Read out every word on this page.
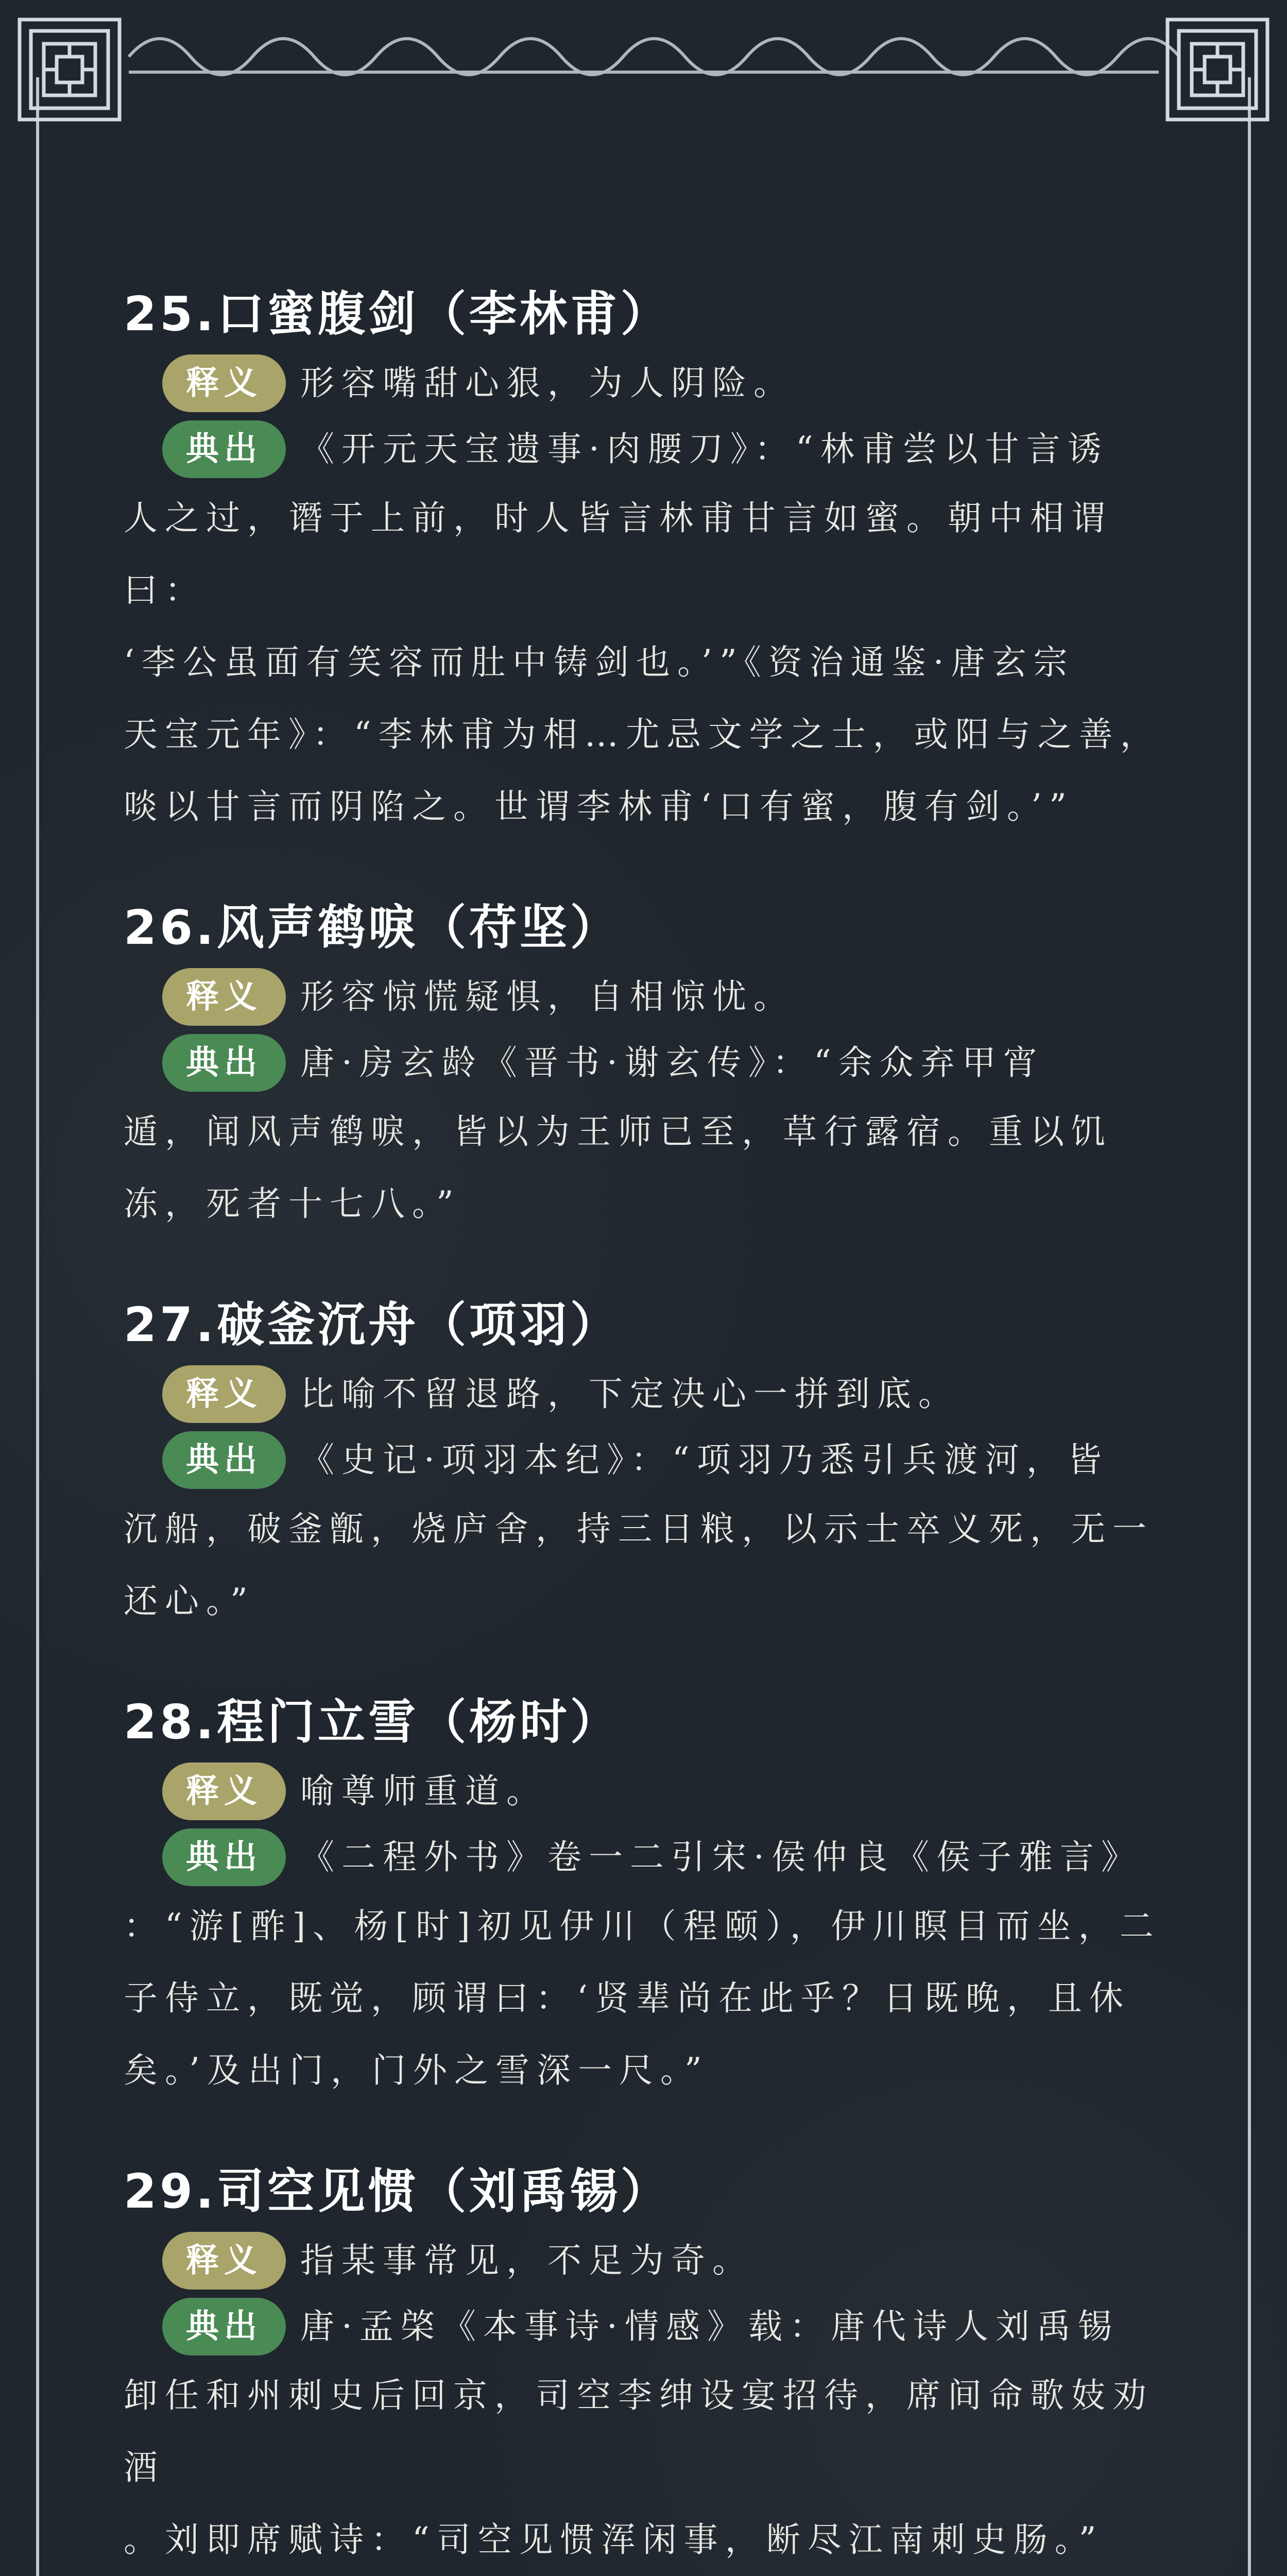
25.口蜜腹剑（李林甫）
释义	形容嘴甜心狠，为人阴险。
典出	《开元天宝遗事·肉腰刀》：“林甫尝以甘言诱
人之过，谮于上前，时人皆言林甫甘言如蜜。朝中相谓曰：
‘李公虽面有笑容而肚中铸剑也。’”《资治通鉴·唐玄宗
天宝元年》：“李林甫为相…尤忌文学之士，或阳与之善，
啖以甘言而阴陷之。世谓李林甫‘口有蜜，腹有剑。’”
26.风声鹤唳（苻坚）
释义	形容惊慌疑惧，自相惊忧。
典出	唐·房玄龄《晋书·谢玄传》：“余众弃甲宵
遁，闻风声鹤唳，皆以为王师已至，草行露宿。重以饥
冻，死者十七八。”
27.破釜沉舟（项羽）
释义	比喻不留退路，下定决心一拼到底。
典出	《史记·项羽本纪》：“项羽乃悉引兵渡河，皆
沉船，破釜甑，烧庐舍，持三日粮，以示士卒义死，无一
还心。”
28.程门立雪（杨时）
释义	喻尊师重道。
典出	《二程外书》卷一二引宋·侯仲良《侯子雅言》
：“游[酢]、杨[时]初见伊川（程颐），伊川瞑目而坐，二
子侍立，既觉，顾谓曰：‘贤辈尚在此乎？日既晚，且休
矣。’及出门，门外之雪深一尺。”
29.司空见惯（刘禹锡）
释义	指某事常见，不足为奇。
典出	唐·孟棨《本事诗·情感》载：唐代诗人刘禹锡
卸任和州刺史后回京，司空李绅设宴招待，席间命歌妓劝酒
。刘即席赋诗：“司空见惯浑闲事，断尽江南刺史肠。”
